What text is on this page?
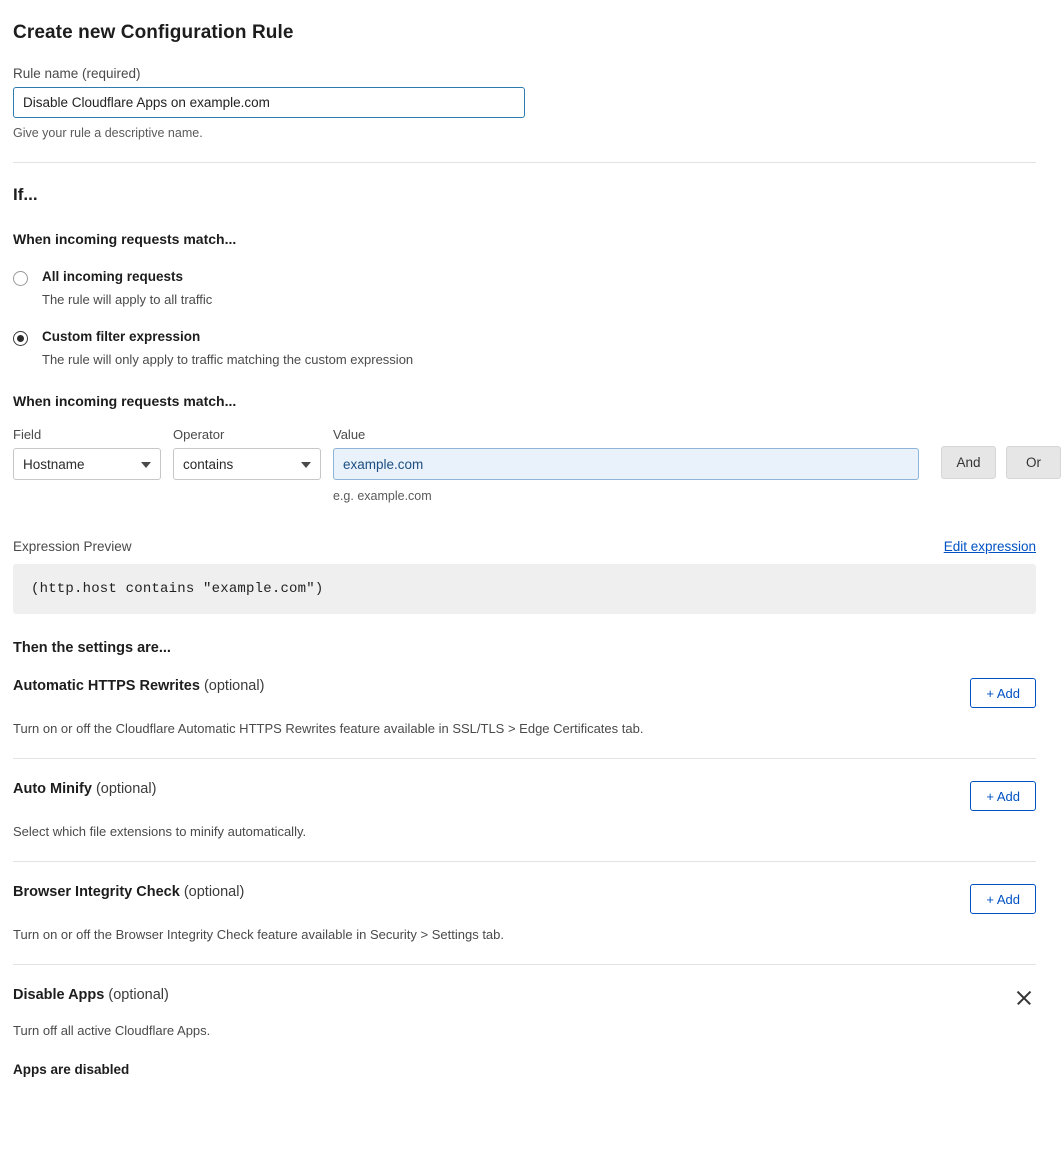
Create new Configuration Rule
Rule name (required)
Disable Cloudflare Apps on example.com
Give your rule a descriptive name.
If...
When incoming requests match...
All incoming requests
The rule will apply to all traffic
Custom filter expression
The rule will only apply to traffic matching the custom expression
When incoming requests match...
Field
Hostname
Operator
contains
Value
example.com
e.g. example.com
And	Or
Expression Preview	Edit expression
(http.host contains "example.com")
Then the settings are...
Automatic HTTPS Rewrites (optional)	+ Add
Turn on or off the Cloudflare Automatic HTTPS Rewrites feature available in SSL/TLS > Edge Certificates tab.
Auto Minify (optional)	+ Add
Select which file extensions to minify automatically.
Browser Integrity Check (optional)	+ Add
Turn on or off the Browser Integrity Check feature available in Security > Settings tab.
Disable Apps (optional)
Turn off all active Cloudflare Apps.
Apps are disabled
